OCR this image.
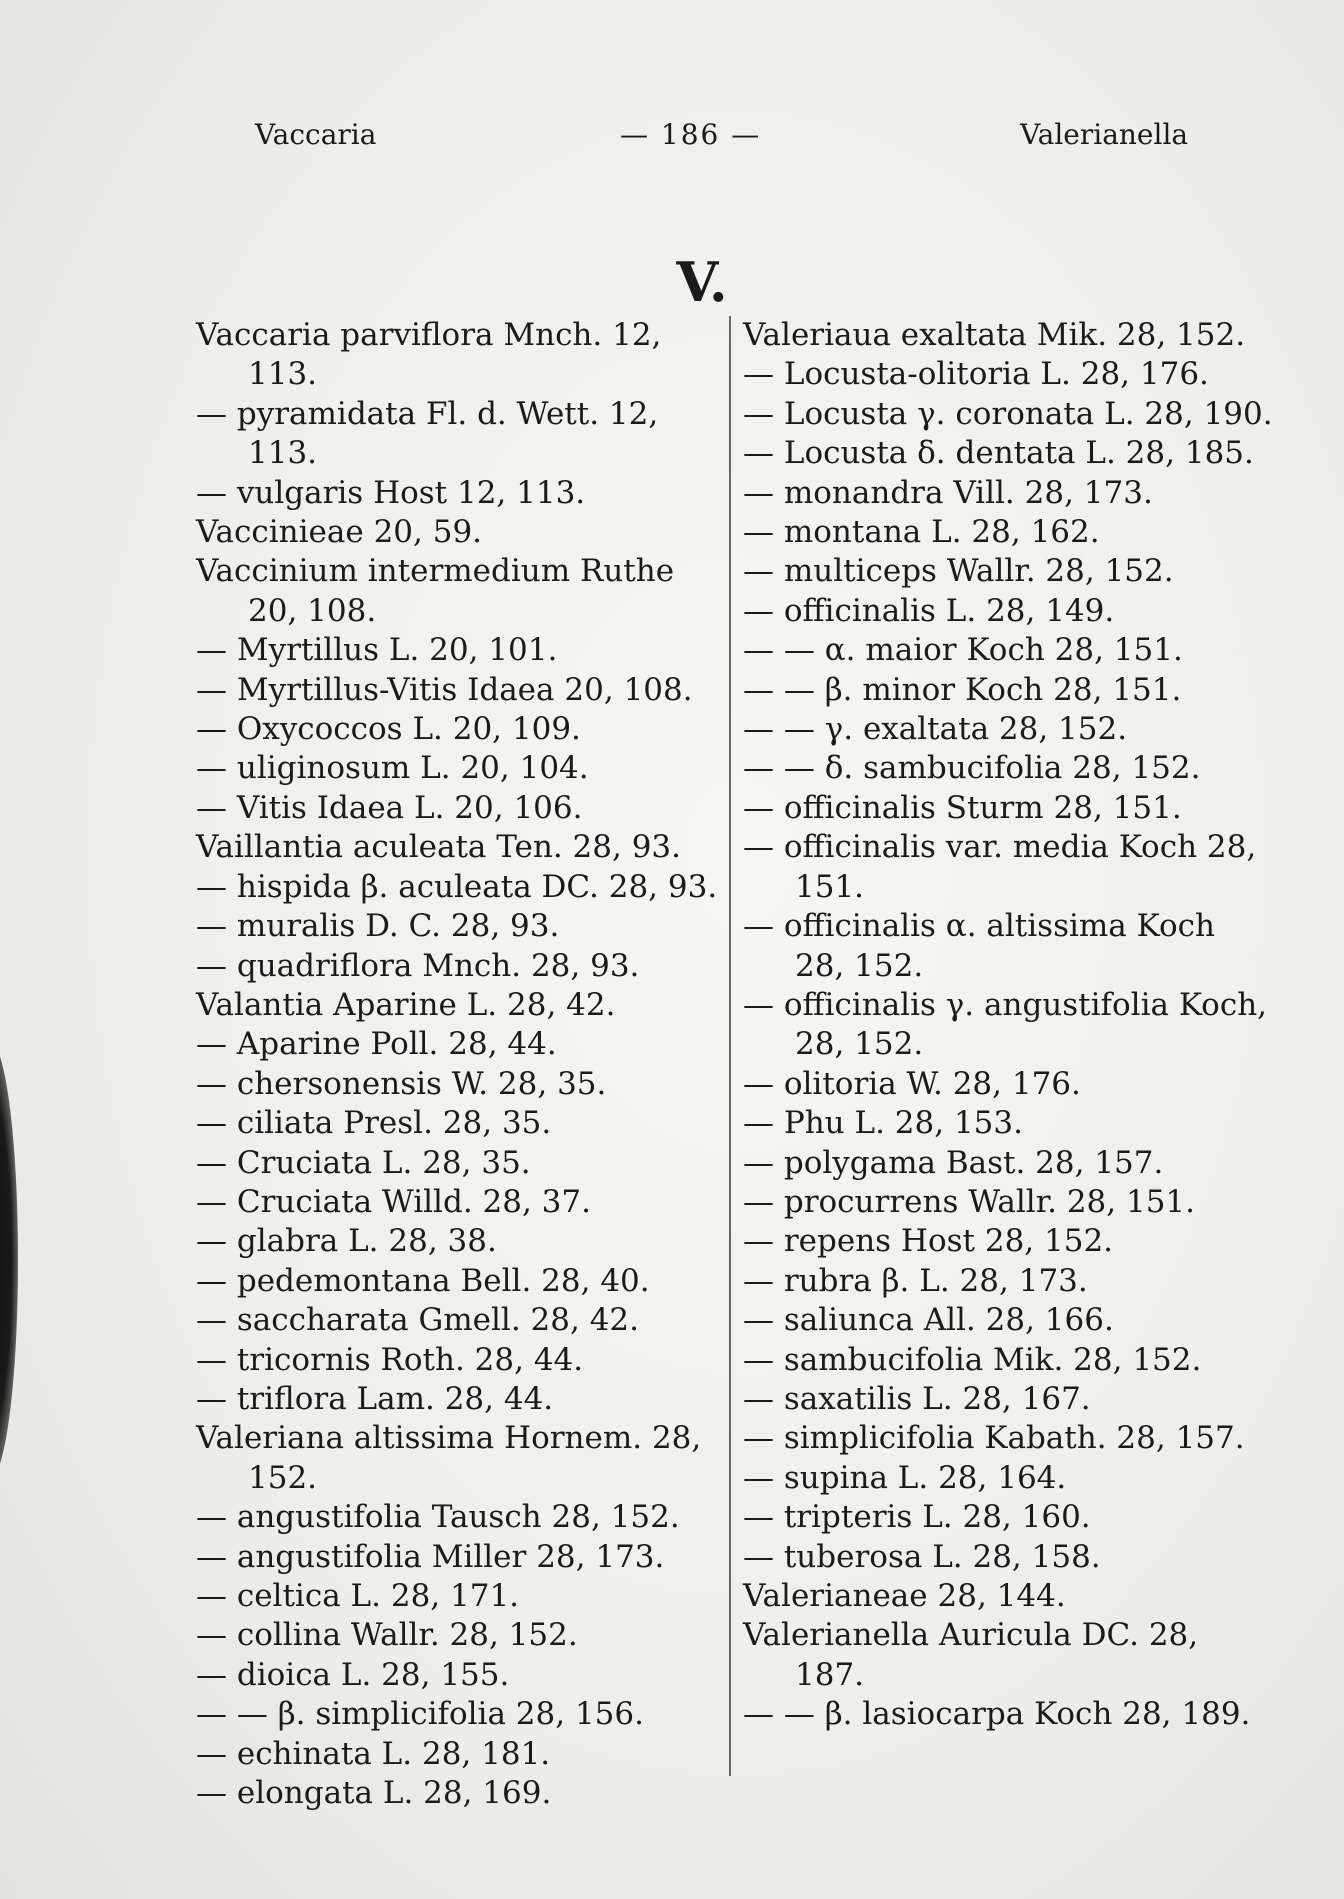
Vaccaria	— 186 —	Valerianella
V.
Vaccaria parviflora Mnch. 12, 113.
— pyramidata Fl. d. Wett. 12, 113.
— vulgaris Host 12, 113.
Vaccinieae 20, 59.
Vaccinium intermedium Ruthe 20, 108.
— Myrtillus L. 20, 101.
— Myrtillus-Vitis Idaea 20, 108.
— Oxycoccos L. 20, 109.
— uliginosum L. 20, 104.
— Vitis Idaea L. 20, 106.
Vaillantia aculeata Ten. 28, 93.
— hispida β. aculeata DC. 28, 93.
— muralis D. C. 28, 93.
— quadriflora Mnch. 28, 93.
Valantia Aparine L. 28, 42.
— Aparine Poll. 28, 44.
— chersonensis W. 28, 35.
— ciliata Presl. 28, 35.
— Cruciata L. 28, 35.
— Cruciata Willd. 28, 37.
— glabra L. 28, 38.
— pedemontana Bell. 28, 40.
— saccharata Gmell. 28, 42.
— tricornis Roth. 28, 44.
— triflora Lam. 28, 44.
Valeriana altissima Hornem. 28, 152.
— angustifolia Tausch 28, 152.
— angustifolia Miller 28, 173.
— celtica L. 28, 171.
— collina Wallr. 28, 152.
— dioica L. 28, 155.
— — β. simplicifolia 28, 156.
— echinata L. 28, 181.
— elongata L. 28, 169.
Valeriaua exaltata Mik. 28, 152.
— Locusta-olitoria L. 28, 176.
— Locusta γ. coronata L. 28, 190.
— Locusta δ. dentata L. 28, 185.
— monandra Vill. 28, 173.
— montana L. 28, 162.
— multiceps Wallr. 28, 152.
— officinalis L. 28, 149.
— — α. maior Koch 28, 151.
— — β. minor Koch 28, 151.
— — γ. exaltata 28, 152.
— — δ. sambucifolia 28, 152.
— officinalis Sturm 28, 151.
— officinalis var. media Koch 28, 151.
— officinalis α. altissima Koch 28, 152.
— officinalis γ. angustifolia Koch, 28, 152.
— olitoria W. 28, 176.
— Phu L. 28, 153.
— polygama Bast. 28, 157.
— procurrens Wallr. 28, 151.
— repens Host 28, 152.
— rubra β. L. 28, 173.
— saliunca All. 28, 166.
— sambucifolia Mik. 28, 152.
— saxatilis L. 28, 167.
— simplicifolia Kabath. 28, 157.
— supina L. 28, 164.
— tripteris L. 28, 160.
— tuberosa L. 28, 158.
Valerianeae 28, 144.
Valerianella Auricula DC. 28, 187.
— — β. lasiocarpa Koch 28, 189.
